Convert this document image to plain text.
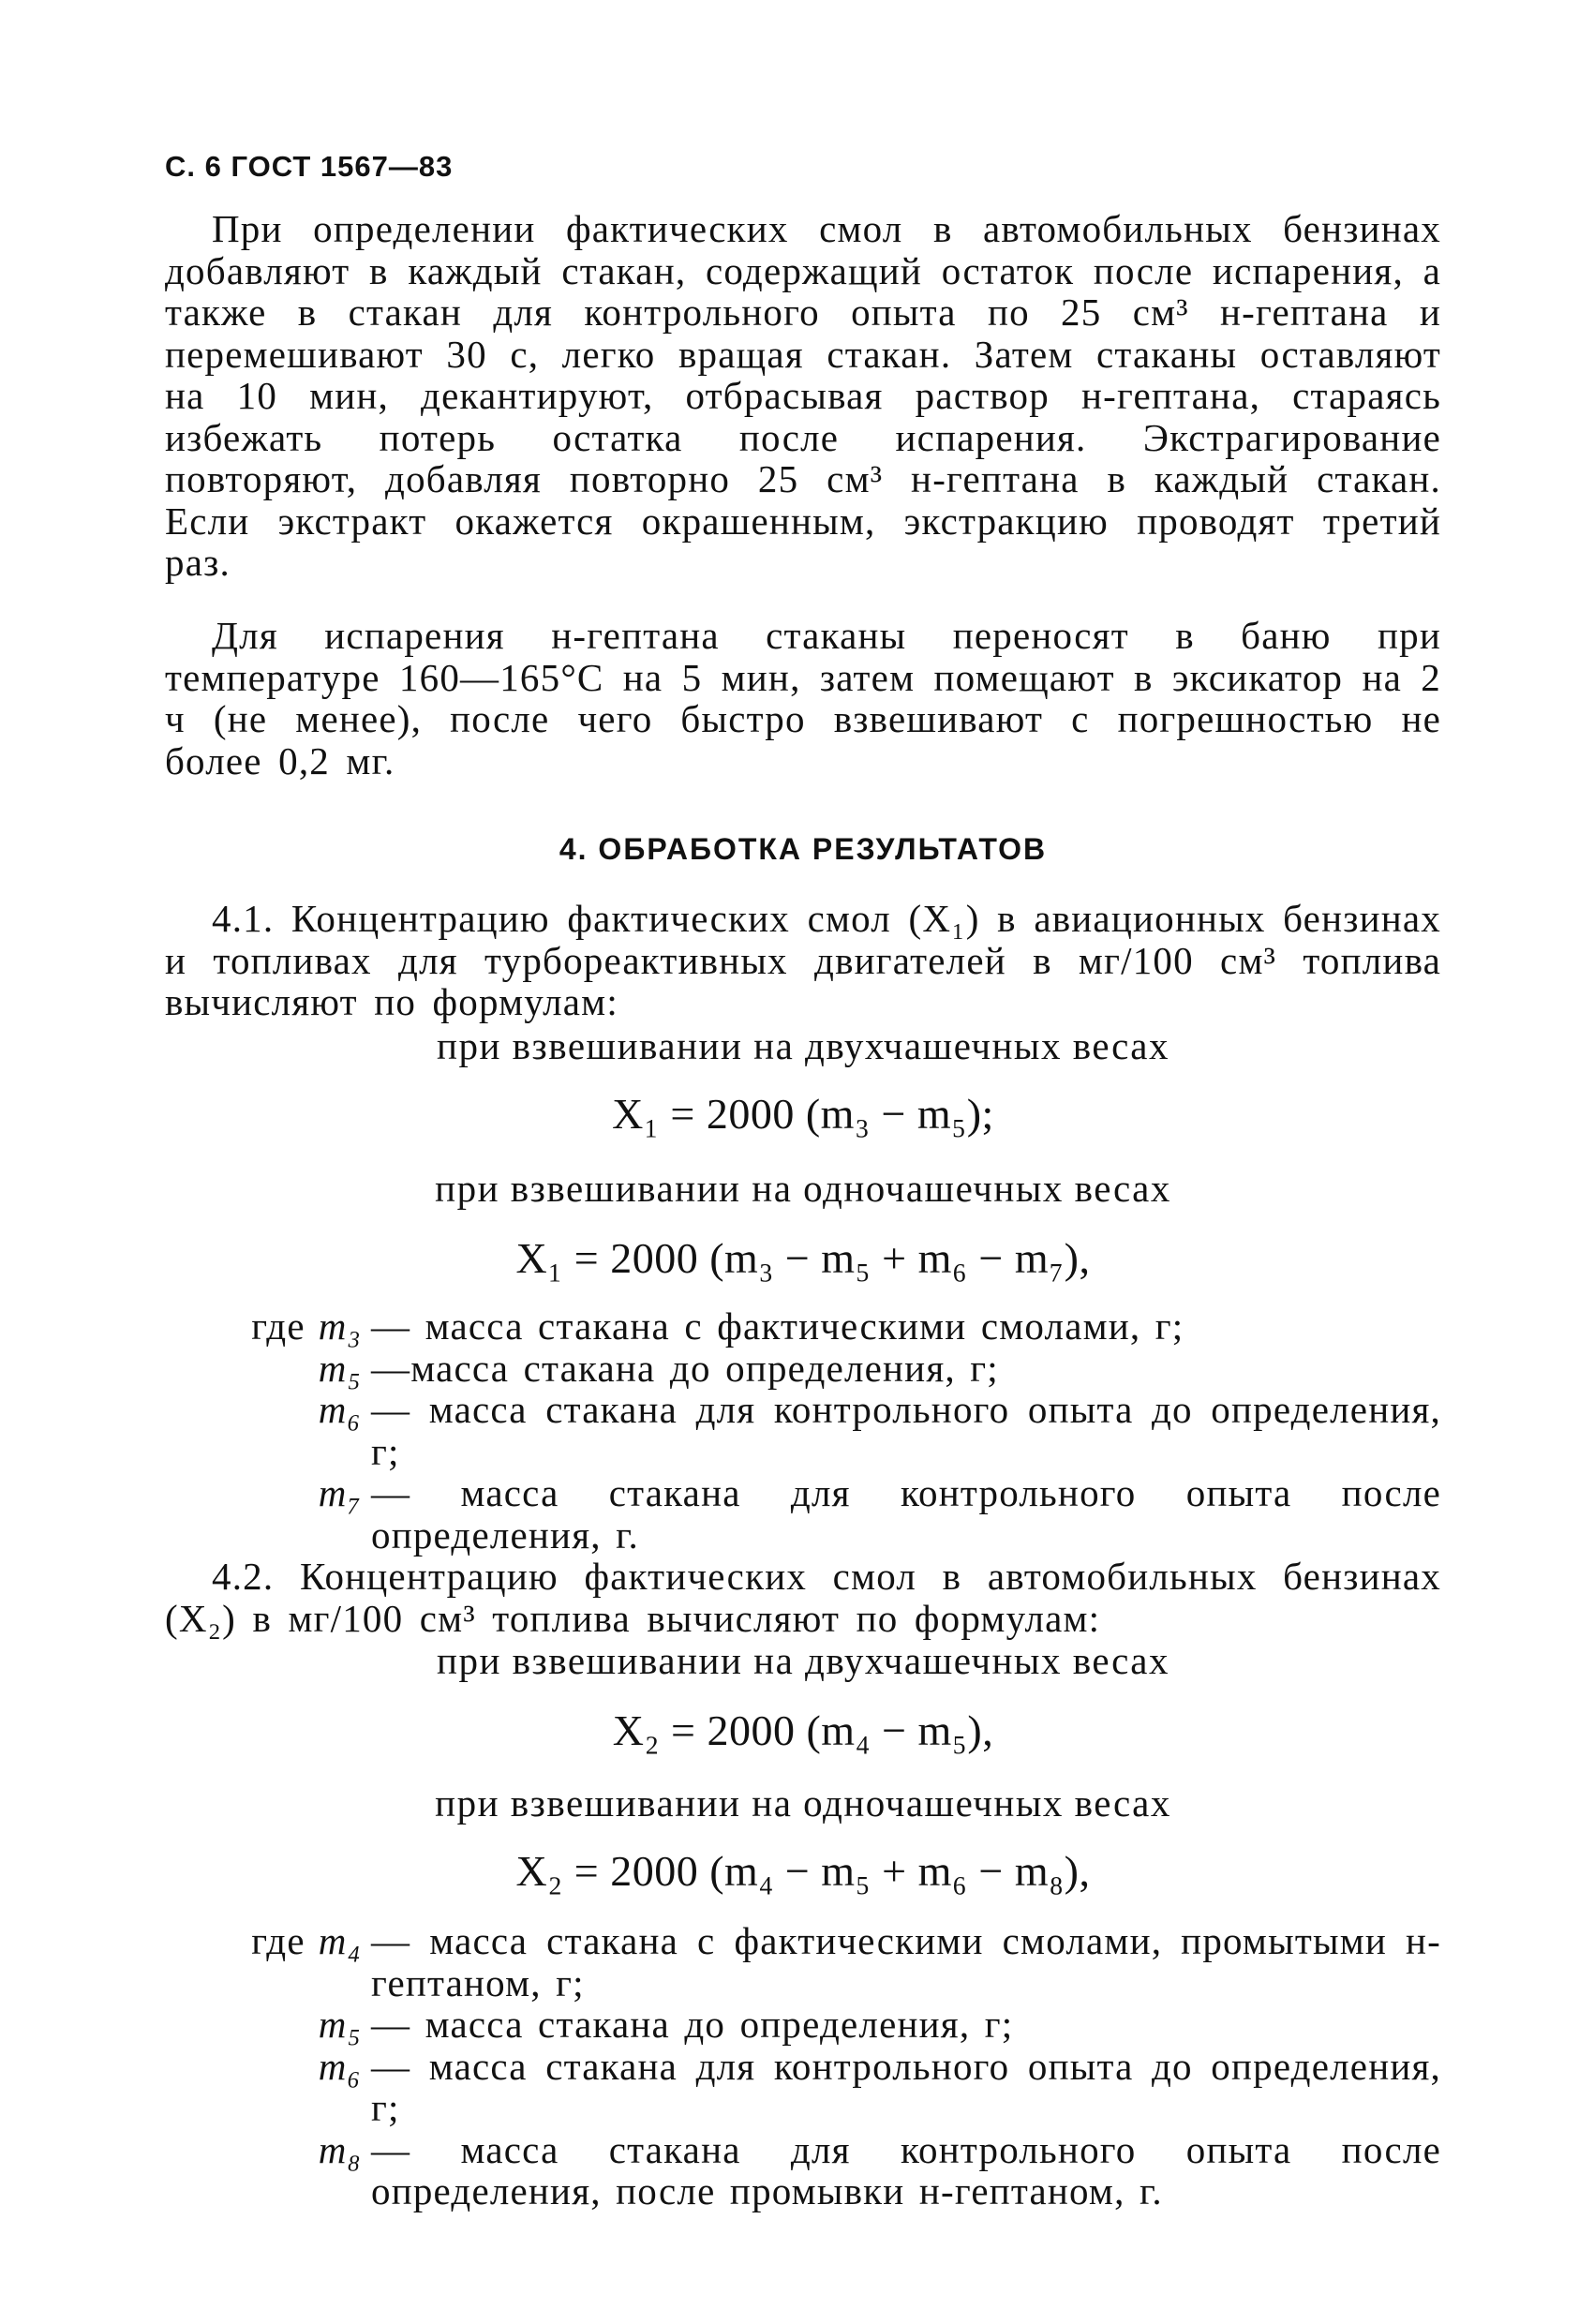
С. 6 ГОСТ 1567—83

При определении фактических смол в автомобильных бензинах добавляют в каждый стакан, содержащий остаток после испарения, а также в стакан для контрольного опыта по 25 см³ н-гептана и перемешивают 30 с, легко вращая стакан. Затем стаканы оставляют на 10 мин, декантируют, отбрасывая раствор н-гептана, стараясь избежать потерь остатка после испарения. Экстрагирование повторяют, добавляя повторно 25 см³ н-гептана в каждый стакан. Если экстракт окажется окрашенным, экстракцию проводят третий раз.

Для испарения н-гептана стаканы переносят в баню при температуре 160—165°С на 5 мин, затем помещают в эксикатор на 2 ч (не менее), после чего быстро взвешивают с погрешностью не более 0,2 мг.

4. ОБРАБОТКА РЕЗУЛЬТАТОВ

4.1. Концентрацию фактических смол (X₁) в авиационных бензинах и топливах для турбореактивных двигателей в мг/100 см³ топлива вычисляют по формулам:

при взвешивании на двухчашечных весах
X₁ = 2000 (m₃ − m₅);
при взвешивании на одночашечных весах
X₁ = 2000 (m₃ − m₅ + m₆ − m₇),
где m₃ — масса стакана с фактическими смолами, г;
m₅ —масса стакана до определения, г;
m₆ — масса стакана для контрольного опыта до определения, г;
m₇ — масса стакана для контрольного опыта после определения, г.

4.2. Концентрацию фактических смол в автомобильных бензинах (X₂) в мг/100 см³ топлива вычисляют по формулам:

при взвешивании на двухчашечных весах
X₂ = 2000 (m₄ − m₅),
при взвешивании на одночашечных весах
X₂ = 2000 (m₄ − m₅ + m₆ − m₈),
где m₄ — масса стакана с фактическими смолами, промытыми н-гептаном, г;
m₅ — масса стакана до определения, г;
m₆ — масса стакана для контрольного опыта до определения, г;
m₈ — масса стакана для контрольного опыта после определения, после промывки н-гептаном, г.
